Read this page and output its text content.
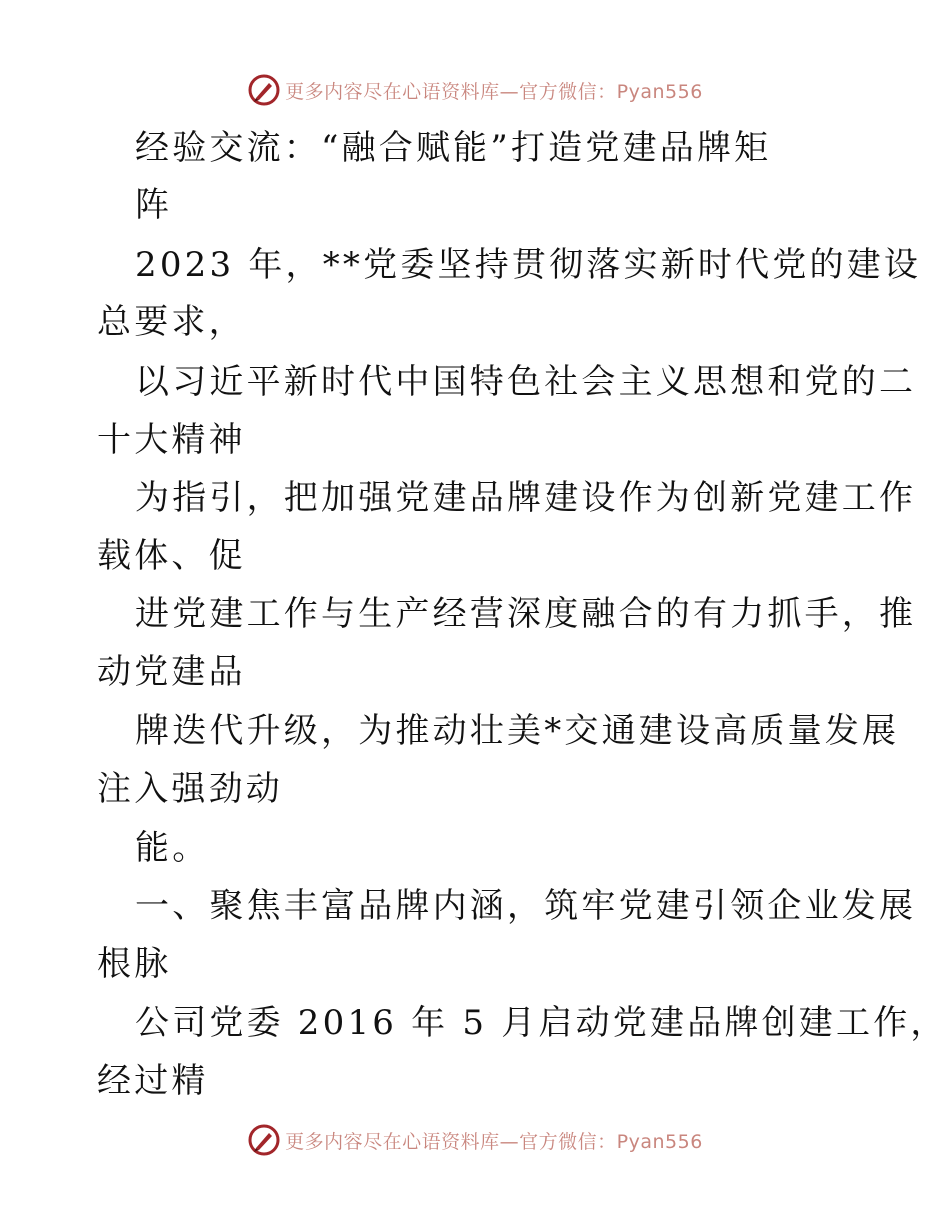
更多内容尽在心语资料库—官方微信：Pyan556
经验交流：“融合赋能”打造党建品牌矩
阵
2023 年，**党委坚持贯彻落实新时代党的建设
总要求，
以习近平新时代中国特色社会主义思想和党的二
十大精神
为指引，把加强党建品牌建设作为创新党建工作
载体、促
进党建工作与生产经营深度融合的有力抓手，推
动党建品
牌迭代升级，为推动壮美*交通建设高质量发展
注入强劲动
能。
一、聚焦丰富品牌内涵，筑牢党建引领企业发展
根脉
公司党委 2016 年 5 月启动党建品牌创建工作，
经过精
更多内容尽在心语资料库—官方微信：Pyan556
